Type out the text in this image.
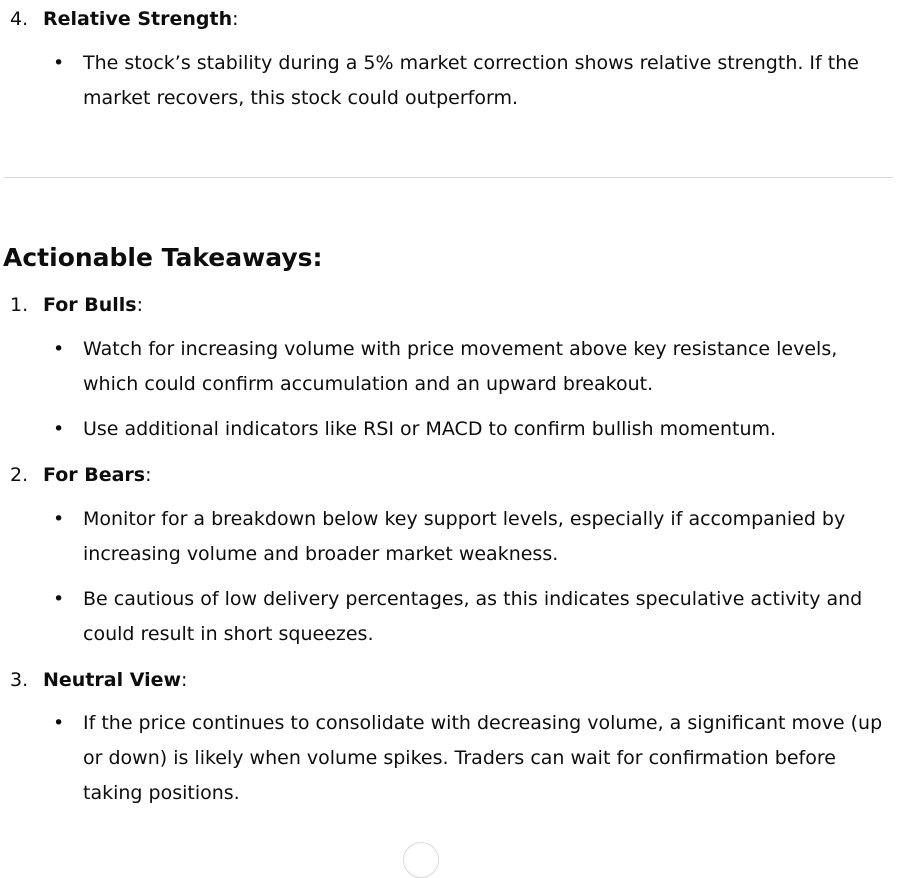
4. Relative Strength:
• The stock’s stability during a 5% market correction shows relative strength. If the market recovers, this stock could outperform.
Actionable Takeaways:
1. For Bulls:
• Watch for increasing volume with price movement above key resistance levels, which could confirm accumulation and an upward breakout.
• Use additional indicators like RSI or MACD to confirm bullish momentum.
2. For Bears:
• Monitor for a breakdown below key support levels, especially if accompanied by increasing volume and broader market weakness.
• Be cautious of low delivery percentages, as this indicates speculative activity and could result in short squeezes.
3. Neutral View:
• If the price continues to consolidate with decreasing volume, a significant move (up or down) is likely when volume spikes. Traders can wait for confirmation before taking positions.
